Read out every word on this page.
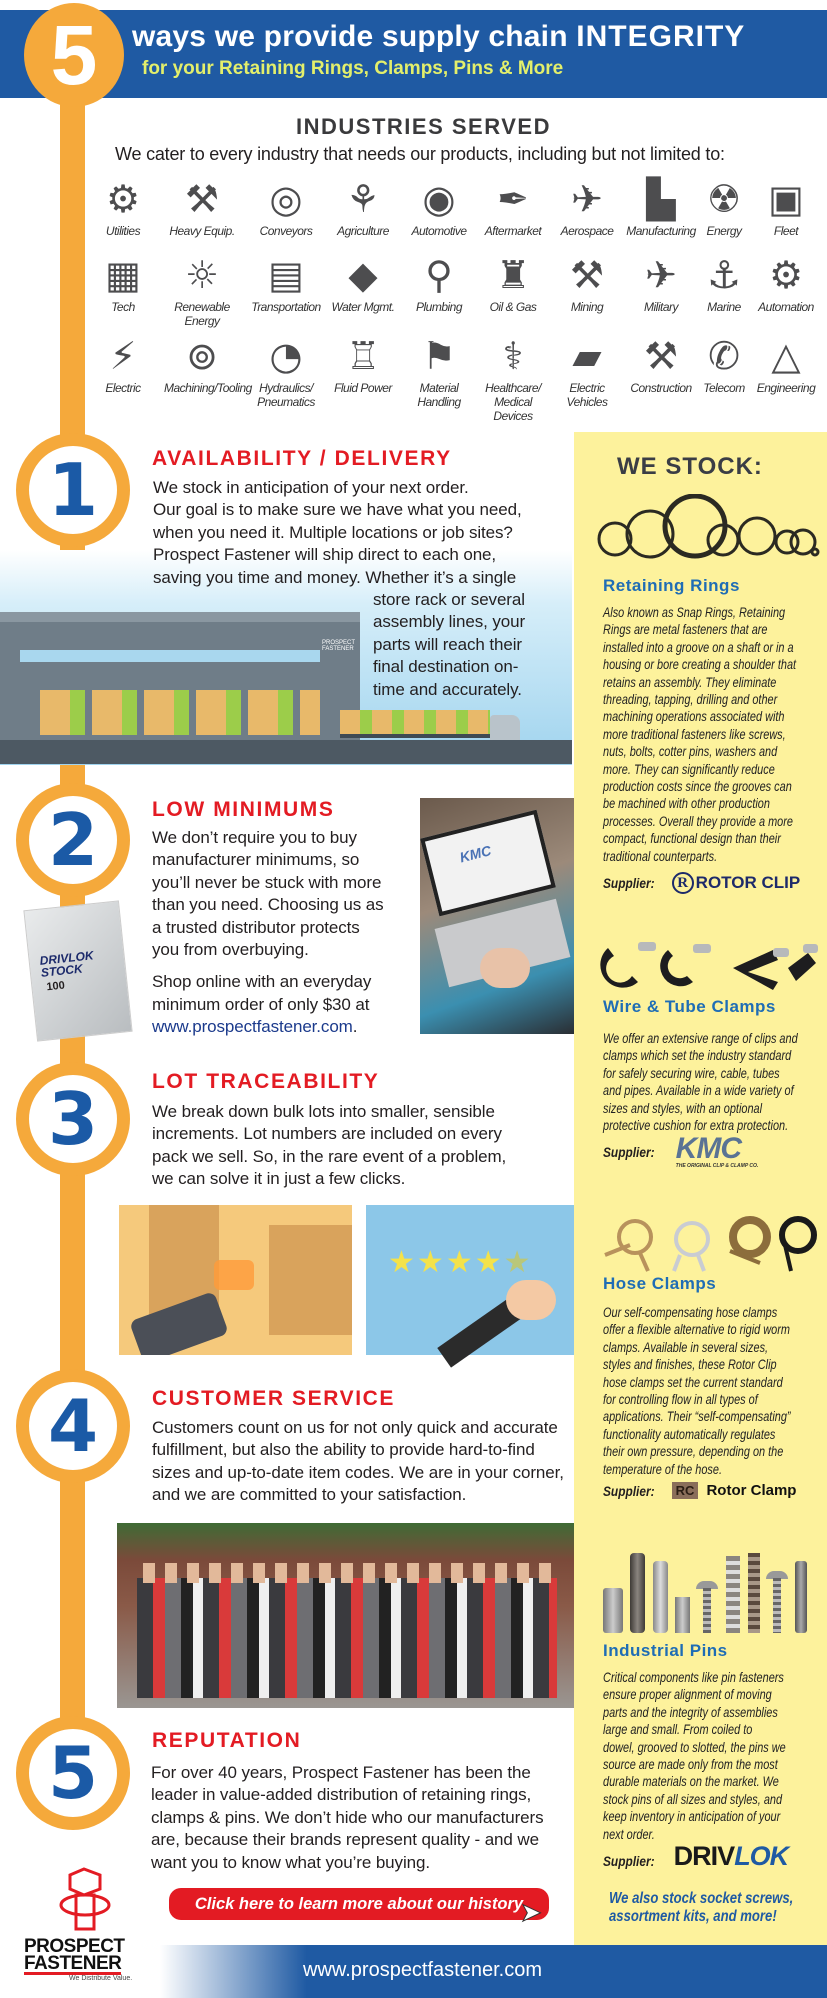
5	ways we provide supply chain INTEGRITY
for your Retaining Rings, Clamps, Pins & More
INDUSTRIES SERVED
We cater to every industry that needs our products, including but not limited to:
⚙
Utilities
⚒
Heavy Equip.
◎
Conveyors
⚘
Agriculture
◉
Automotive
✒
Aftermarket
✈
Aerospace
▙
Manufacturing
☢
Energy
▣
Fleet
▦
Tech
☼
Renewable Energy
▤
Transportation
◆
Water Mgmt.
⚲
Plumbing
♜
Oil & Gas
⚒
Mining
✈
Military
⚓
Marine
⚙
Automation
⚡
Electric
⊚
Machining/Tooling
◔
Hydraulics/ Pneumatics
♖
Fluid Power
⚑
Material Handling
⚕
Healthcare/ Medical Devices
▰
Electric Vehicles
⚒
Construction
✆
Telecom
△
Engineering
1
PROSPECT FASTENER
AVAILABILITY / DELIVERY
We stock in anticipation of your next order.
Our goal is to make sure we have what you need,
when you need it. Multiple locations or job sites?
Prospect Fastener will ship direct to each one,
saving you time and money. Whether it’s a single
store rack or several
assembly lines, your
parts will reach their
final destination on-
time and accurately.
2
DRIVLOK STOCK
100
LOW MINIMUMS
We don’t require you to buy
manufacturer minimums, so
you’ll never be stuck with more
than you need. Choosing us as
a trusted distributor protects
you from overbuying.
Shop online with an everyday
minimum order of only $30 at
www.prospectfastener.com.
KMC
3	LOT TRACEABILITY
We break down bulk lots into smaller, sensible
increments. Lot numbers are included on every
pack we sell. So, in the rare event of a problem,
we can solve it in just a few clicks.
★★★★★
4	CUSTOMER SERVICE
Customers count on us for not only quick and accurate
fulfillment, but also the ability to provide hard-to-find
sizes and up-to-date item codes. We are in your corner,
and we are committed to your satisfaction.
5	REPUTATION
For over 40 years, Prospect Fastener has been the
leader in value-added distribution of retaining rings,
clamps & pins. We don’t hide who our manufacturers
are, because their brands represent quality - and we
want you to know what you’re buying.
Click here to learn more about our history
➤
WE STOCK:
Retaining Rings
Also known as Snap Rings, Retaining
Rings are metal fasteners that are
installed into a groove on a shaft or in a
housing or bore creating a shoulder that
retains an assembly. They eliminate
threading, tapping, drilling and other
machining operations associated with
more traditional fasteners like screws,
nuts, bolts, cotter pins, washers and
more. They can significantly reduce
production costs since the grooves can
be machined with other production
processes. Overall they provide a more
compact, functional design than their
traditional counterparts.
Supplier:	R ROTOR CLIP
Wire & Tube Clamps
We offer an extensive range of clips and
clamps which set the industry standard
for safely securing wire, cable, tubes
and pipes. Available in a wide variety of
sizes and styles, with an optional
protective cushion for extra protection.
Supplier: KMC
THE ORIGINAL CLIP & CLAMP CO.
Hose Clamps
Our self-compensating hose clamps
offer a flexible alternative to rigid worm
clamps. Available in several sizes,
styles and finishes, these Rotor Clip
hose clamps set the current standard
for controlling flow in all types of
applications. Their “self-compensating”
functionality automatically regulates
their own pressure, depending on the
temperature of the hose.
Supplier:	RC Rotor Clamp
Industrial Pins
Critical components like pin fasteners
ensure proper alignment of moving
parts and the integrity of assemblies
large and small. From coiled to
dowel, grooved to slotted, the pins we
source are made only from the most
durable materials on the market. We
stock pins of all sizes and styles, and
keep inventory in anticipation of your
next order.
Supplier: DRIVLOK
We also stock socket screws,
assortment kits, and more!
www.prospectfastener.com
PROSPECT
FASTENER
We Distribute Value.
